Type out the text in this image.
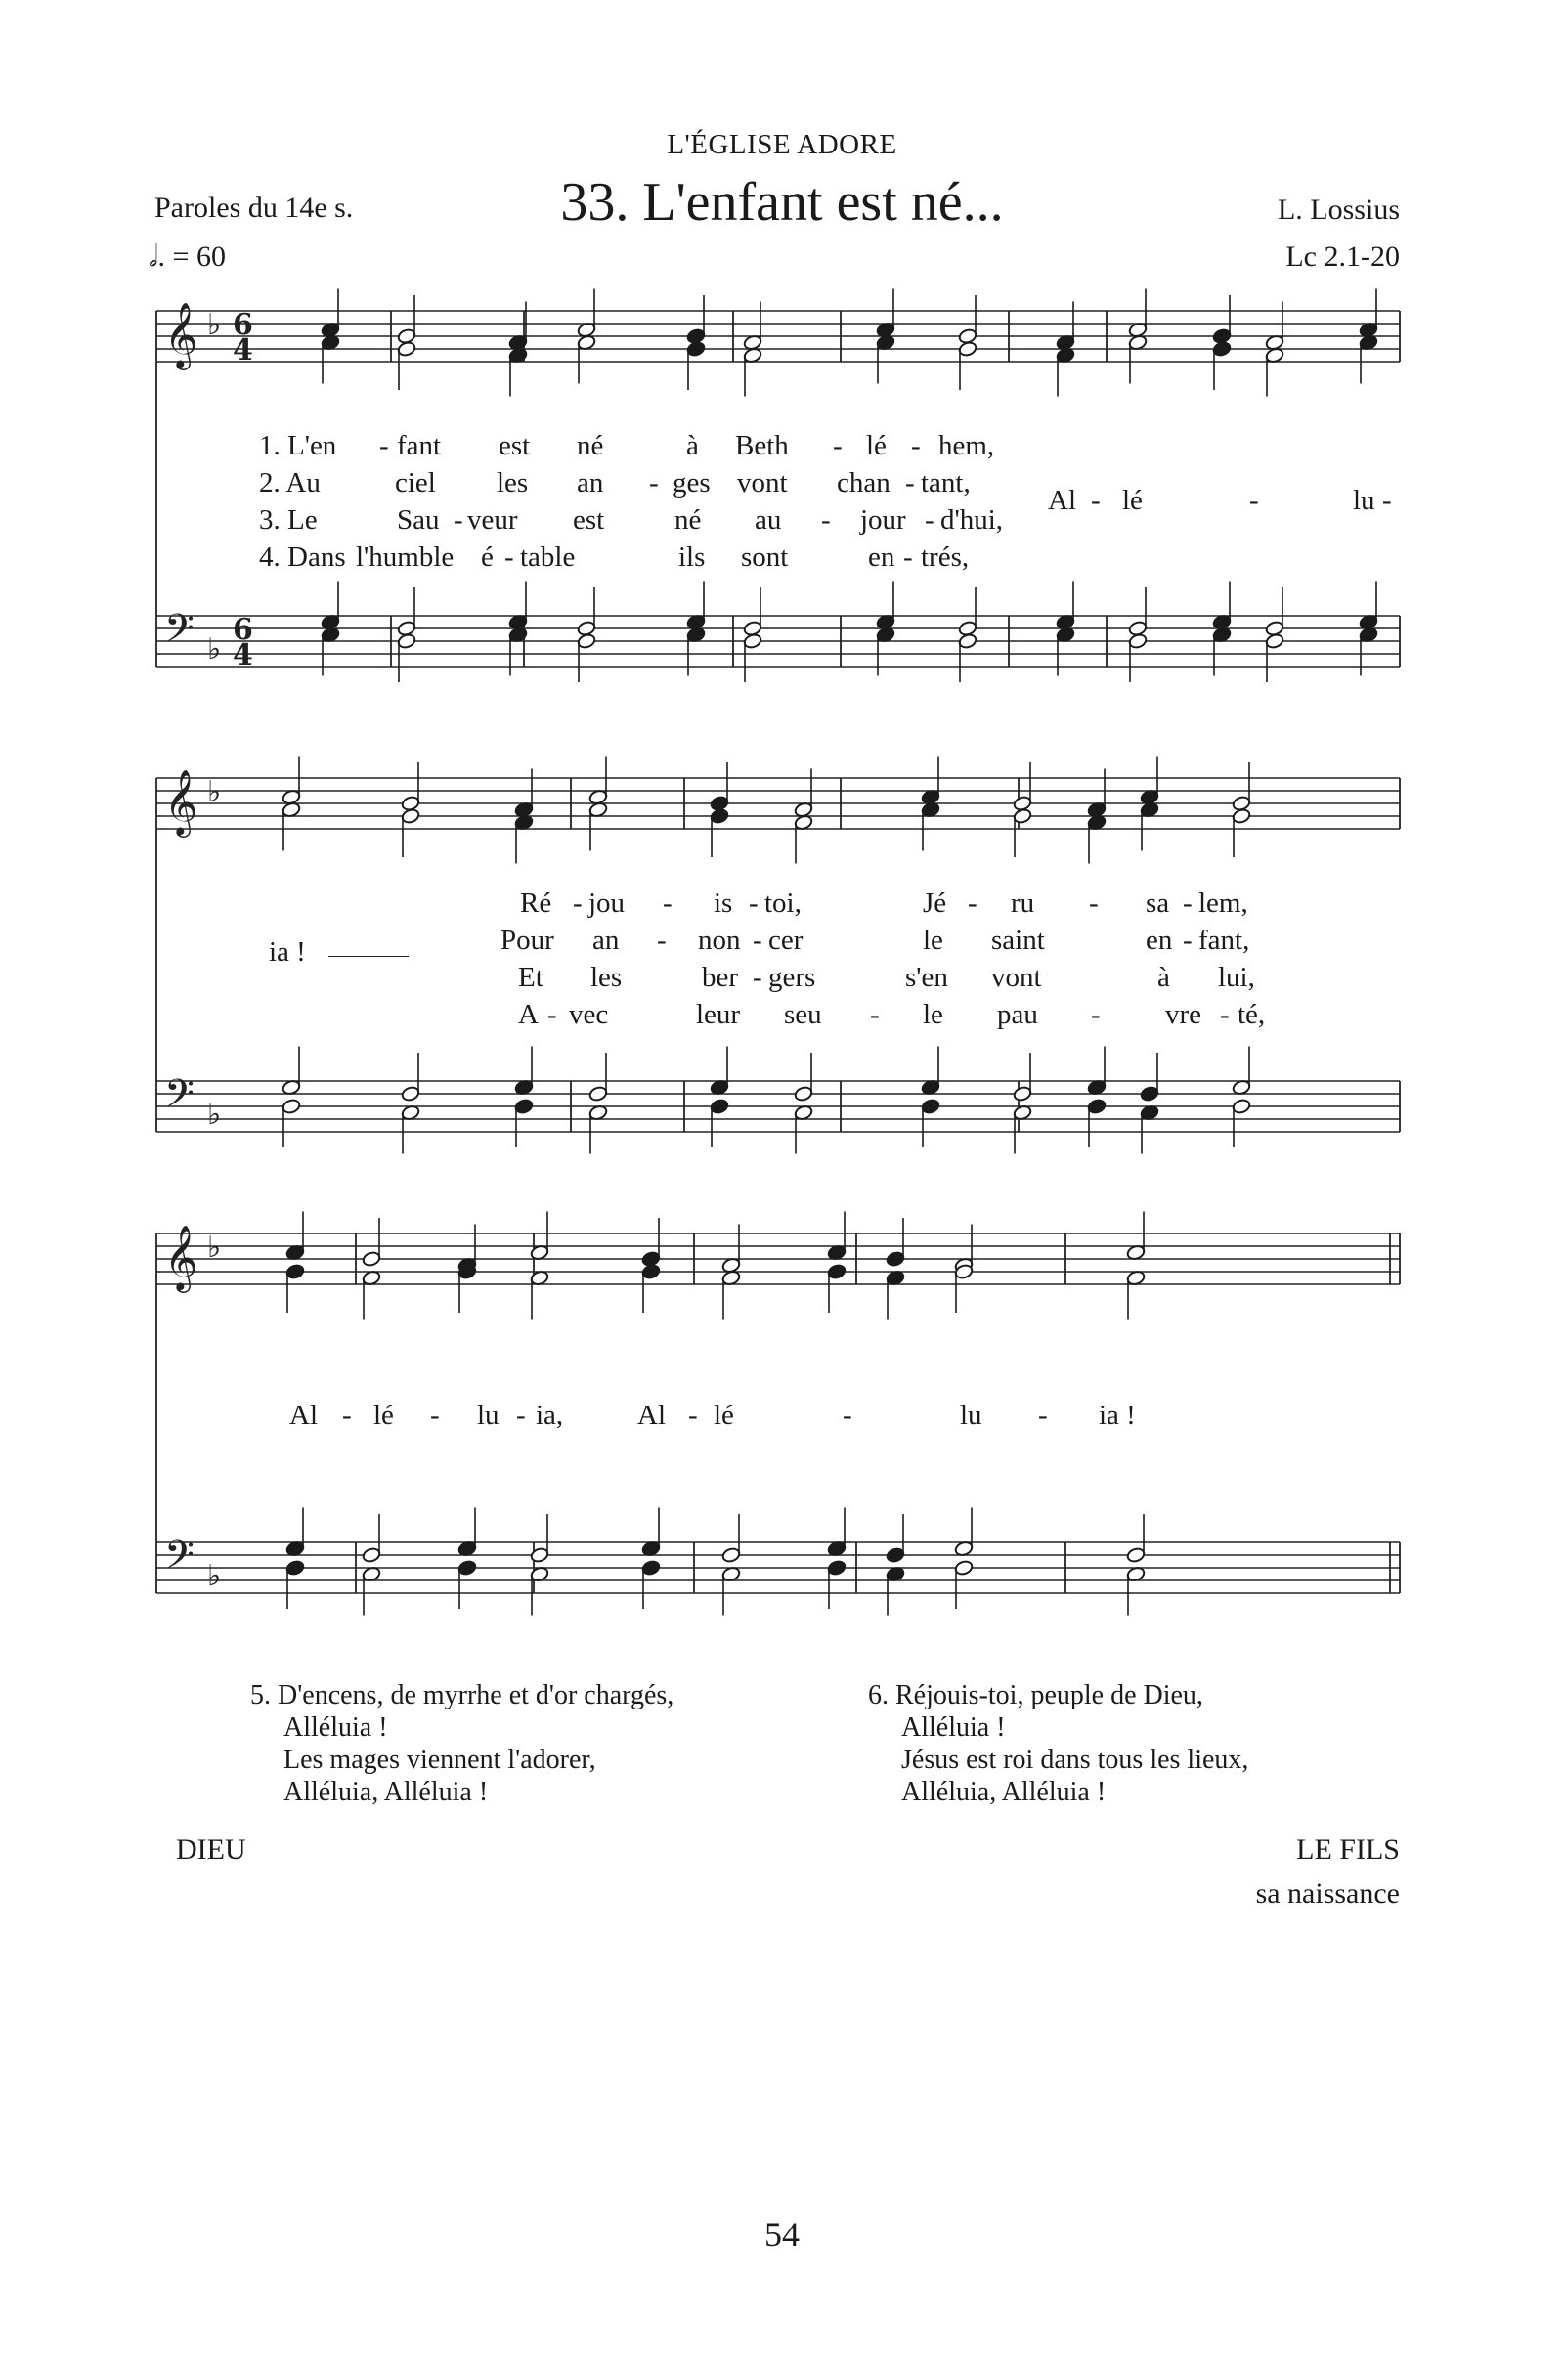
L'ÉGLISE ADORE
33. L'enfant est né...
Paroles du 14e s.
𝅗𝅥. = 60
L. Lossius
Lc 2.1-20
𝄞
𝄢
♭
♭
6
4
6
4
𝄞
𝄢
♭
♭
𝄞
𝄢
♭
♭
1. L'en - fant est né	à Beth - lé - hem,
2. Au	ciel les an - ges vont chan - tant,
3. Le	Sau - veur est né au - jour - d'hui,
4. Dans l'humble é - table	ils sont	en - trés,
Al - lé	-	lu -
ia !
Ré - jou - is - toi,	Jé - ru - sa - lem,
Pour an - non - cer	le saint	en - fant,
Et les	ber - gers	s'en vont	à lui,
A - vec	leur seu - le pau - vre - té,
Al - lé - lu - ia,	Al - lé	-	lu - ia !
5. D'encens, de myrrhe et d'or chargés,
Alléluia !
Les mages viennent l'adorer,
Alléluia, Alléluia !
6. Réjouis-toi, peuple de Dieu,
Alléluia !
Jésus est roi dans tous les lieux,
Alléluia, Alléluia !
DIEU	LE FILS
sa naissance
54
